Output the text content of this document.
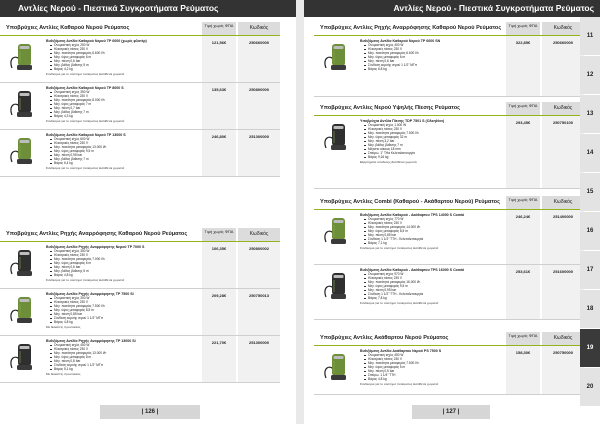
Αντλίες Νερού - Πιεστικά Συγκροτήματα Ρεύματος
Υποβρύχιες Αντλίες Καθαρού Νερού Ρεύματος	Τιμή χωρίς ΦΠΑ	Κωδικός
Βυθιζόμενη Αντλία Καθαρού Νερού TP 6600 (χωρίς φλοτέρ)
Ονομαστική ισχύς 250 W
Ηλεκτρικές τάσεις 230 V
Μεγ. ποσότητα μεταφοράς 6.600 l/h
Μεγ. ύψος μεταφοράς 6 m
Μεγ. πίεση 0,6 bar
Μεγ. βάθος βύθισης 5 m
Βάρος 4,2 kg
Συνδεσμοί για το σύστημα ποτίσματος Διατίθεται χωριστά
121,56€	250660000
Βυθιζόμενη Αντλία Καθαρού Νερού TP 8000 S
Ονομαστική ισχύς 350 W
Ηλεκτρικές τάσεις 230 V
Μεγ. ποσότητα μεταφοράς 8.000 l/h
Μεγ. ύψος μεταφοράς 7 m
Μεγ. πίεση 0,7 bar
Μεγ. βάθος βύθισης 7 m
Βάρος 4,3 kg
Συνδεσμοί για το σύστημα ποτίσματος Διατίθεται χωριστά
135,63€	250800000
Βυθιζόμενη Αντλία Καθαρού Νερού TP 13000 S
Ονομαστική ισχύς 600 W
Ηλεκτρικές τάσεις 230 V
Μεγ. ποσότητα μεταφοράς 13.000 l/h
Μεγ. ύψος μεταφοράς 9,5 m
Μεγ. πίεση 0,95 bar
Μεγ. βάθος βύθισης 7 m
Βάρος 6,4 kg
Συνδεσμοί για το σύστημα ποτίσματος Διατίθεται χωριστά
246,80€	251300000
Υποβρύχιες Αντλίες Ρηχής Αναρρόφησης Καθαρού Νερού Ρεύματος	Τιμή χωρίς ΦΠΑ	Κωδικός
Βυθιζόμενη Αντλία Ρηχής Αναρρόφησης Νερού TP 7000 S
Ονομαστική ισχύς 350 W
Ηλεκτρικές τάσεις 230 V
Μεγ. ποσότητα μεταφοράς 7.000 l/h
Μεγ. ύψος μεταφοράς 6 m
Μεγ. πίεση 0,6 bar
Μεγ. βάθος βύθισης 5 m
Βάρος 4,8 kg
Συνδεσμοί για το σύστημα ποτίσματος Διατίθεται χωριστά
106,35€	250800002
Βυθιζόμενη Αντλία Ρηχής Αναρρόφησης TP 7500 SI
Ονομαστική ισχύς 300 W
Ηλεκτρικές τάσεις 230 V
Μεγ. ποσότητα μεταφοράς 7.500 l/h
Μεγ. ύψος μεταφοράς 8,5 m
Μεγ. πίεση 0,85 bar
Σύνδεση εκροής νερού 1 1/2" ΜΤπ
Βάρος 4,8 kg
Με διακόπτη προστασίας
209,28€	250750013
Βυθιζόμενη Αντλία Ρηχής Αναρρόφησης TP 13000 SI
Ονομαστική ισχύς 450 W
Ηλεκτρικές τάσεις 230 V
Μεγ. ποσότητα μεταφοράς 13.000 l/h
Μεγ. ύψος μεταφοράς 8 m
Μεγ. πίεση 0,8 bar
Σύνδεση εκροής νερού 1 1/2" ΜΤπ
Βάρος 5,1 kg
Με διακόπτη προστασίας
221,70€	251300000
| 126 |
Αντλίες Νερού - Πιεστικά Συγκροτήματα Ρεύματος
Υποβρύχιες Αντλίες Ρηχής Αναρρόφησης Καθαρού Νερού Ρεύματος	Τιμή χωρίς ΦΠΑ	Κωδικός
Βυθιζόμενη Αντλία Καθαρού Νερού TP 6600 SN
Ονομαστική ισχύς 400 W
Ηλεκτρικές τάσεις 230 V
Μεγ. ποσότητα μεταφοράς 6.600 l/h
Μεγ. ύψος μεταφοράς 6 m
Μεγ. πίεση 0,6 bar
Σύνδεση εκροής νερού 1 1/2" ΜΤπ
Βάρος 6,8 kg
322,85€	250660000
Υποβρύχιες Αντλίες Νερού Υψηλής Πίεσης Ρεύματος	Τιμή χωρίς ΦΠΑ	Κωδικός
Υποβρύχια Αντλία Πίεσης TDP 7501 S (Ολκηθόνι)
Ονομαστική ισχύς 1.000 W
Ηλεκτρικές τάσεις 230 V
Μεγ. ποσότητα μεταφοράς 7.500 l/h
Μεγ. ύψος μεταφοράς 32 m
Μεγ. πίεση 3,2 bar
Μεγ. βάθος βύθισης 7 m
Μέγιστο κόκκος 18 mm
Σπείρω. 1" ΤΗα Κελεταλειτουργία
Βάρος 9,16 kg
Εξαρτήματα σύνδεσης Διατίθεται χωριστά
293,45€	250750100
Υποβρύχιες Αντλίες Combi (Καθαρού - Ακάθαρτου Νερού) Ρεύματος	Τιμή χωρίς ΦΠΑ	Κωδικός
Βυθιζόμενη Αντλία Καθαρού - Ακάθαρτου TPS 14000 S Combi
Ονομαστική ισχύς 770 W
Ηλεκτρικές τάσεις 230 V
Μεγ. ποσότητα μεταφοράς 14.000 l/h
Μεγ. ύψος μεταφοράς 8,5 m
Μεγ. πίεση 0,85 bar
Σύνδεση 1 1/2" ΤΤΗ - Κελεταλειτουργία
Βάρος 7,1 kg
Συνδεσμοί για το σύστημα ποτίσματος Διατίθεται χωριστά
246,24€	251400000
Βυθιζόμενη Αντλία Καθαρού - Ακάθαρτου TPS 16000 S Combi
Ονομαστική ισχύς 970 W
Ηλεκτρικές τάσεις 230 V
Μεγ. ποσότητα μεταφοράς 16.000 l/h
Μεγ. ύψος μεταφοράς 9,5 m
Μεγ. πίεση 0,95 bar
Σύνδεση 1 1/2" ΤΤΗ - Κελεταλειτουργία
Βάρος 7,8 kg
Συνδεσμοί για το σύστημα ποτίσματος Διατίθεται χωριστά
253,61€	251600000
Υποβρύχιες Αντλίες Ακάθαρτου Νερού Ρεύματος	Τιμή χωρίς ΦΠΑ	Κωδικός
Βυθιζόμενη Αντλία Ακάθαρτου Νερού PS 7500 S
Ονομαστική ισχύς 450 W
Ηλεκτρικές τάσεις 230 V
Μεγ. ποσότητα μεταφοράς 7.500 l/h
Μεγ. ύψος μεταφοράς 5 m
Μεγ. πίεση 0,5 bar
Σπείρω. 1 1/4" ΤΤΗ
Βάρος 4,8 kg
Συνδεσμοί για το σύστημα ποτίσματος Διατίθεται χωριστά
158,30€	250750000
| 127 |
11
12
13
14
15
16
17
18
19
20
